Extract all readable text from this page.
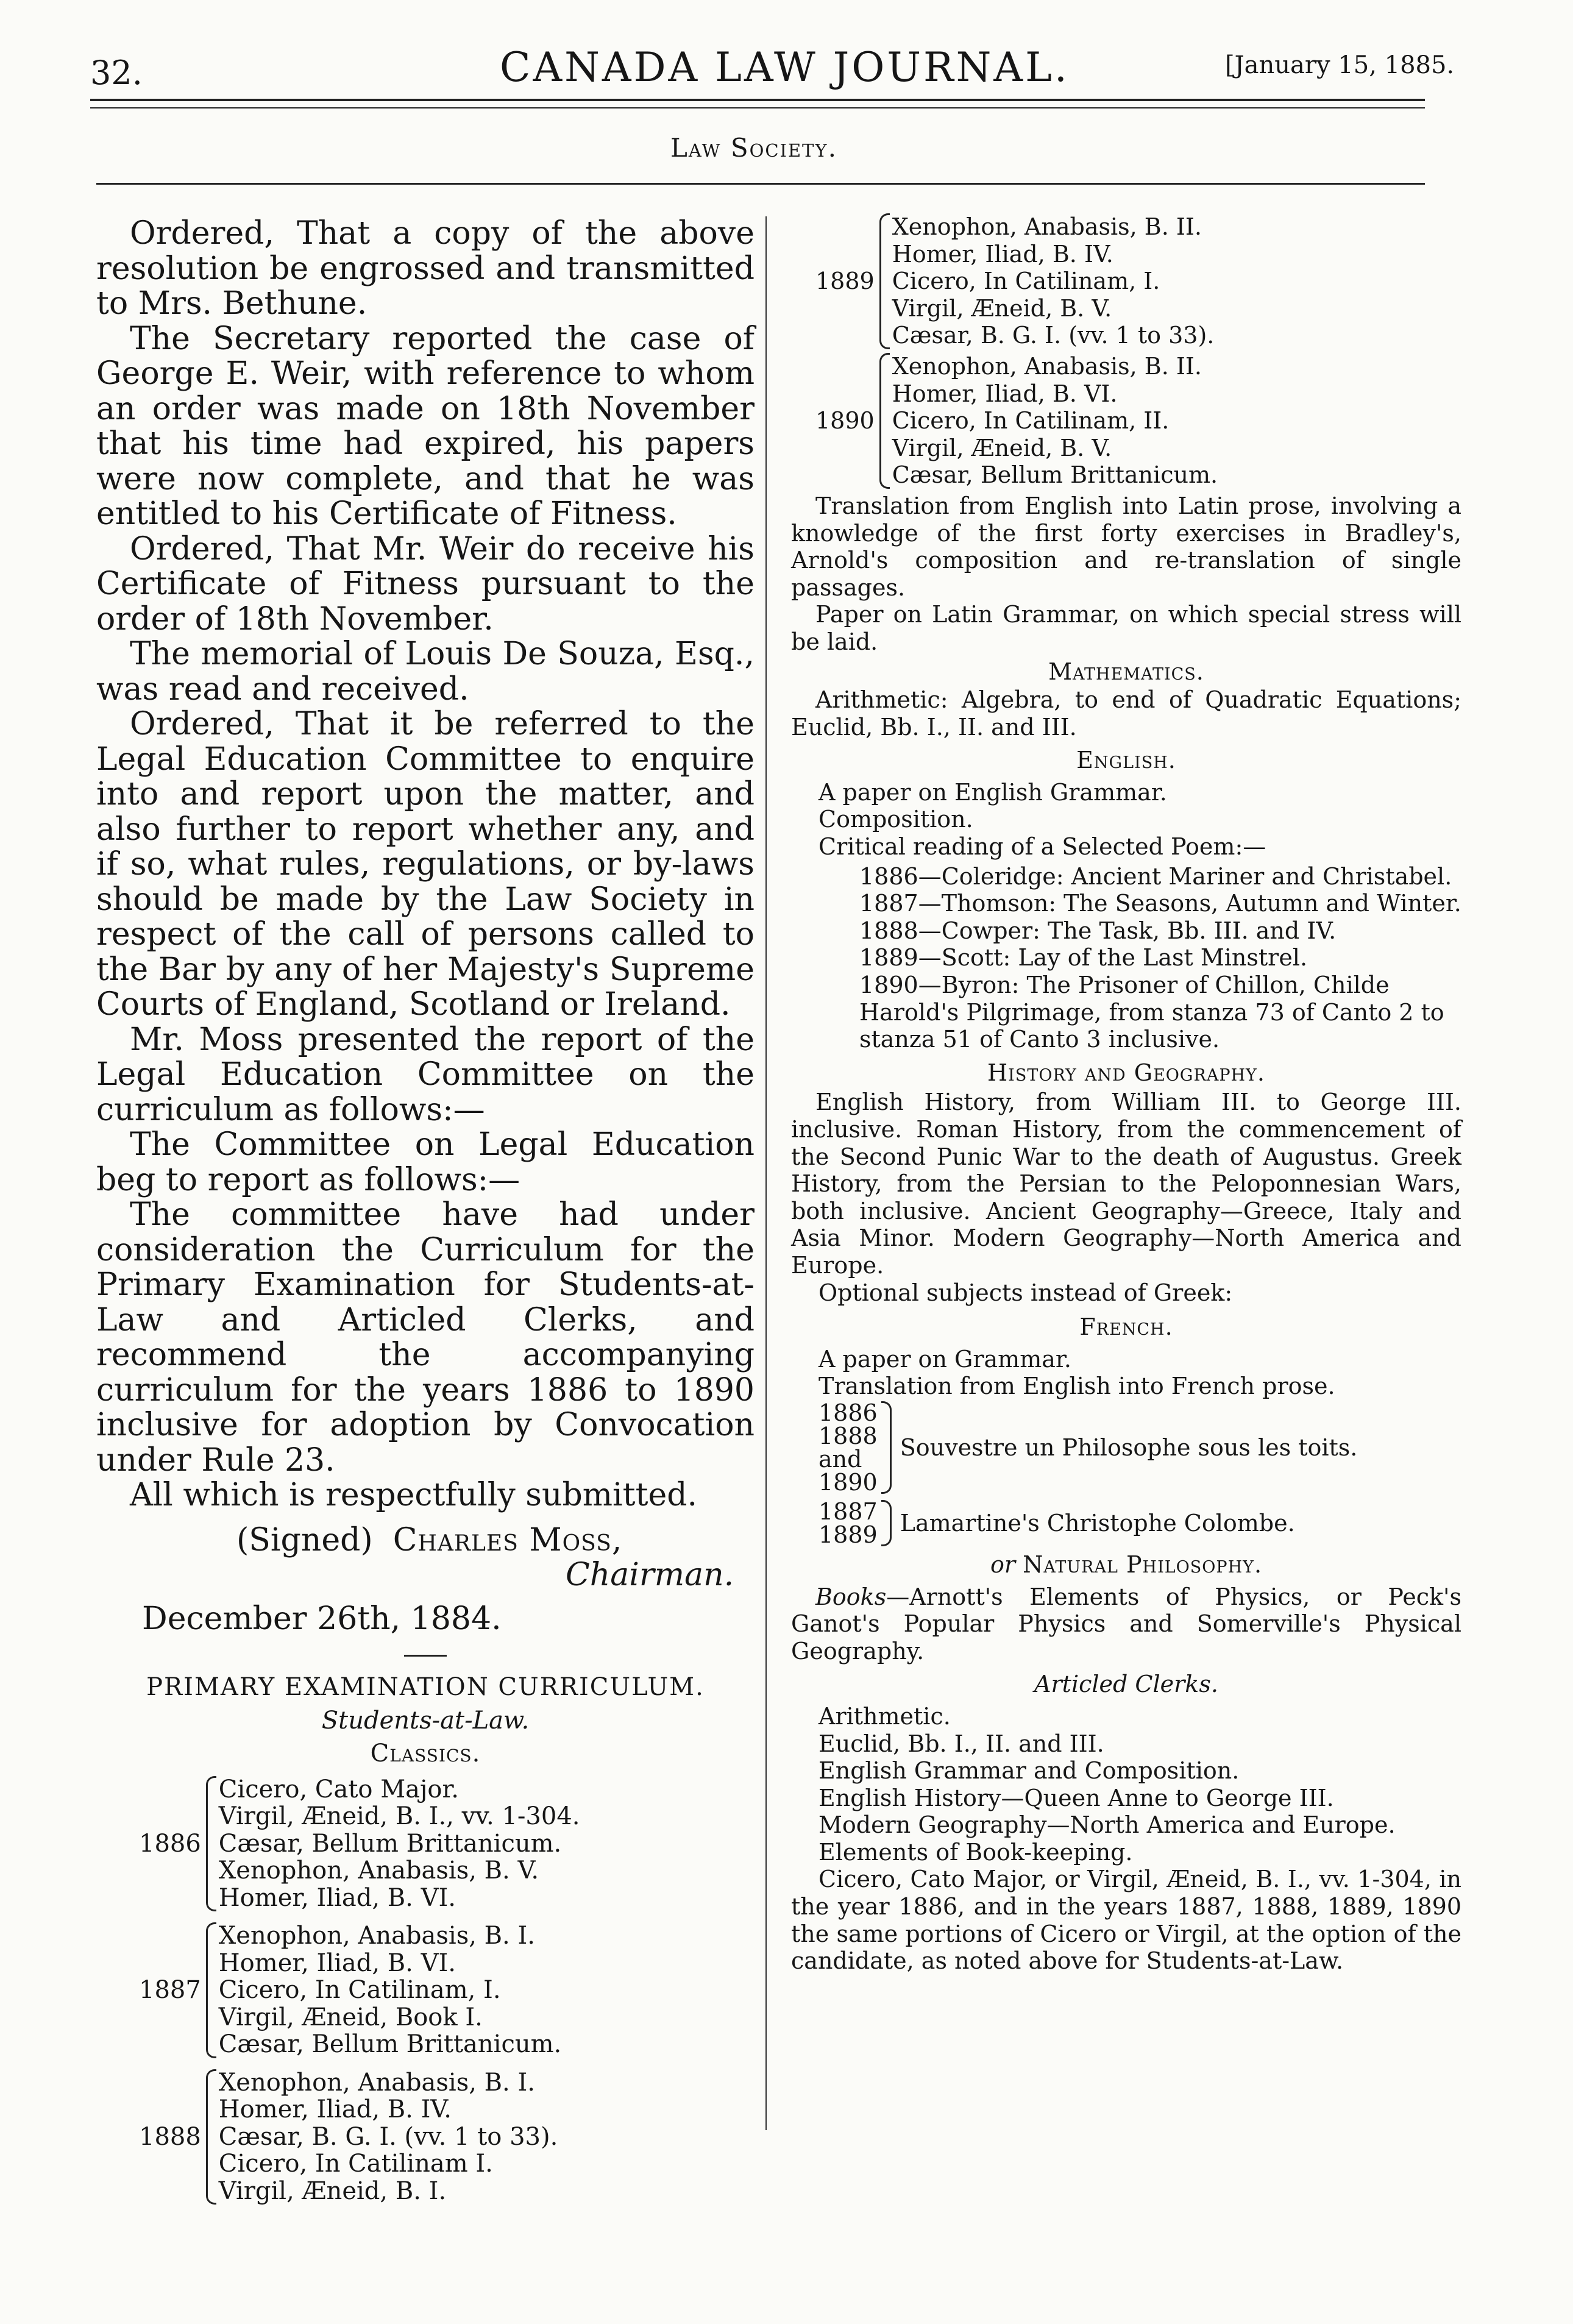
32.	CANADA LAW JOURNAL.	[January 15, 1885.
Law Society.

Ordered, That a copy of the above resolution be engrossed and transmitted to Mrs. Bethune.

The Secretary reported the case of George E. Weir, with reference to whom an order was made on 18th November that his time had expired, his papers were now complete, and that he was entitled to his Certificate of Fitness.

Ordered, That Mr. Weir do receive his Certificate of Fitness pursuant to the order of 18th November.

The memorial of Louis De Souza, Esq., was read and received.

Ordered, That it be referred to the Legal Education Committee to enquire into and report upon the matter, and also further to report whether any, and if so, what rules, regulations, or by-laws should be made by the Law Society in respect of the call of persons called to the Bar by any of her Majesty's Supreme Courts of England, Scotland or Ireland.

Mr. Moss presented the report of the Legal Education Committee on the curriculum as follows:—

The Committee on Legal Education beg to report as follows:—

The committee have had under consideration the Curriculum for the Primary Examination for Students-at-Law and Articled Clerks, and recommend the accompanying curriculum for the years 1886 to 1890 inclusive for adoption by Convocation under Rule 23.

All which is respectfully submitted.

(Signed) Charles Moss,
Chairman.
December 26th, 1884.

PRIMARY EXAMINATION CURRICULUM.

Students-at-Law.

Classics.

1886
Cicero, Cato Major.
Virgil, Æneid, B. I., vv. 1-304.
Cæsar, Bellum Brittanicum.
Xenophon, Anabasis, B. V.
Homer, Iliad, B. VI.
1887
Xenophon, Anabasis, B. I.
Homer, Iliad, B. VI.
Cicero, In Catilinam, I.
Virgil, Æneid, Book I.
Cæsar, Bellum Brittanicum.
1888
Xenophon, Anabasis, B. I.
Homer, Iliad, B. IV.
Cæsar, B. G. I. (vv. 1 to 33).
Cicero, In Catilinam I.
Virgil, Æneid, B. I.
1889
Xenophon, Anabasis, B. II.
Homer, Iliad, B. IV.
Cicero, In Catilinam, I.
Virgil, Æneid, B. V.
Cæsar, B. G. I. (vv. 1 to 33).
1890
Xenophon, Anabasis, B. II.
Homer, Iliad, B. VI.
Cicero, In Catilinam, II.
Virgil, Æneid, B. V.
Cæsar, Bellum Brittanicum.

Translation from English into Latin prose, involving a knowledge of the first forty exercises in Bradley's, Arnold's composition and re-translation of single passages.

Paper on Latin Grammar, on which special stress will be laid.

Mathematics.

Arithmetic: Algebra, to end of Quadratic Equations; Euclid, Bb. I., II. and III.

English.

A paper on English Grammar.
Composition.
Critical reading of a Selected Poem:—
1886—Coleridge: Ancient Mariner and Christabel.
1887—Thomson: The Seasons, Autumn and Winter.
1888—Cowper: The Task, Bb. III. and IV.
1889—Scott: Lay of the Last Minstrel.
1890—Byron: The Prisoner of Chillon, Childe Harold's Pilgrimage, from stanza 73 of Canto 2 to stanza 51 of Canto 3 inclusive.

History and Geography.

English History, from William III. to George III. inclusive. Roman History, from the commencement of the Second Punic War to the death of Augustus. Greek History, from the Persian to the Peloponnesian Wars, both inclusive. Ancient Geography—Greece, Italy and Asia Minor. Modern Geography—North America and Europe.

Optional subjects instead of Greek:

French.

A paper on Grammar.
Translation from English into French prose.
1886
1888
and
1890
Souvestre un Philosophe sous les toits.
1887
1889 Lamartine's Christophe Colombe.

or Natural Philosophy.

Books—Arnott's Elements of Physics, or Peck's Ganot's Popular Physics and Somerville's Physical Geography.

Articled Clerks.

Arithmetic.
Euclid, Bb. I., II. and III.
English Grammar and Composition.
English History—Queen Anne to George III.
Modern Geography—North America and Europe.
Elements of Book-keeping.

Cicero, Cato Major, or Virgil, Æneid, B. I., vv. 1-304, in the year 1886, and in the years 1887, 1888, 1889, 1890 the same portions of Cicero or Virgil, at the option of the candidate, as noted above for Students-at-Law.
